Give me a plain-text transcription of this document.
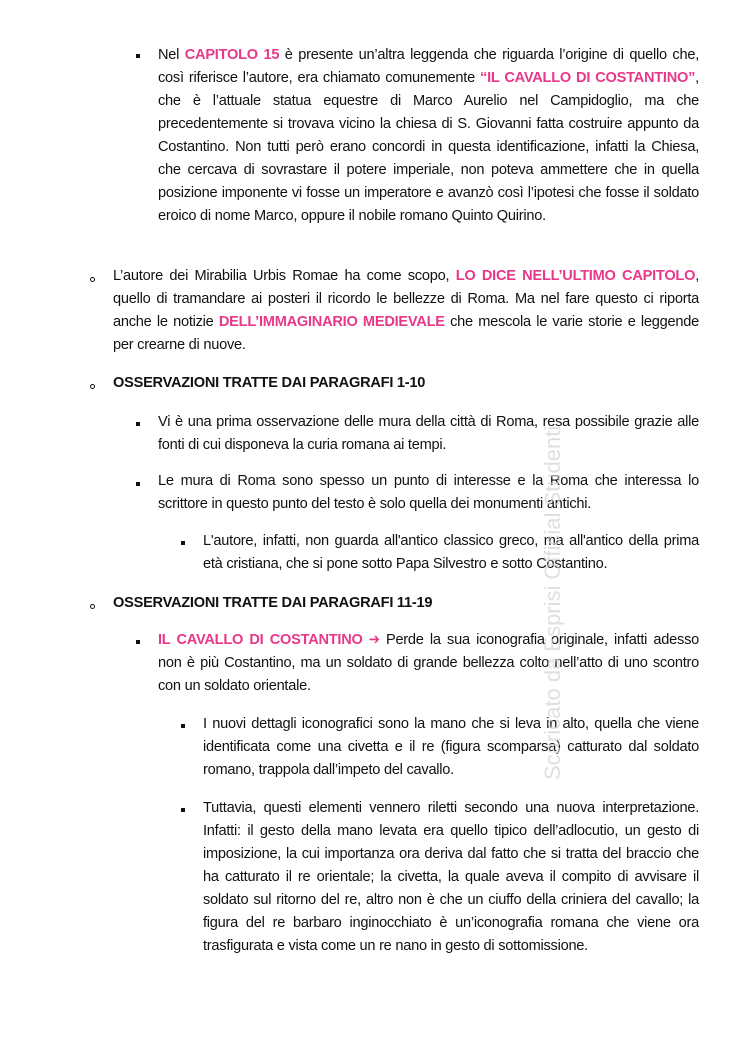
Nel CAPITOLO 15 è presente un’altra leggenda che riguarda l’origine di quello che, così riferisce l’autore, era chiamato comunemente “IL CAVALLO DI COSTANTINO”, che è l’attuale statua equestre di Marco Aurelio nel Campidoglio, ma che precedentemente si trovava vicino la chiesa di S. Giovanni fatta costruire appunto da Costantino. Non tutti però erano concordi in questa identificazione, infatti la Chiesa, che cercava di sovrastare il potere imperiale, non poteva ammettere che in quella posizione imponente vi fosse un imperatore e avanzò così l’ipotesi che fosse il soldato eroico di nome Marco, oppure il nobile romano Quinto Quirino.
L’autore dei Mirabilia Urbis Romae ha come scopo, LO DICE NELL’ULTIMO CAPITOLO, quello di tramandare ai posteri il ricordo le bellezze di Roma. Ma nel fare questo ci riporta anche le notizie DELL’IMMAGINARIO MEDIEVALE che mescola le varie storie e leggende per crearne di nuove.
OSSERVAZIONI TRATTE DAI PARAGRAFI 1-10
Vi è una prima osservazione delle mura della città di Roma, resa possibile grazie alle fonti di cui disponeva la curia romana ai tempi.
Le mura di Roma sono spesso un punto di interesse e la Roma che interessa lo scrittore in questo punto del testo è solo quella dei monumenti antichi.
L'autore, infatti, non guarda all'antico classico greco, ma all'antico della prima età cristiana, che si pone sotto Papa Silvestro e sotto Costantino.
OSSERVAZIONI TRATTE DAI PARAGRAFI 11-19
IL CAVALLO DI COSTANTINO ➔ Perde la sua iconografia originale, infatti adesso non è più Costantino, ma un soldato di grande bellezza colto nell’atto di uno scontro con un soldato orientale.
I nuovi dettagli iconografici sono la mano che si leva in alto, quella che viene identificata come una civetta e il re (figura scomparsa) catturato dal soldato romano, trappola dall’impeto del cavallo.
Tuttavia, questi elementi vennero riletti secondo una nuova interpretazione. Infatti: il gesto della mano levata era quello tipico dell’adlocutio, un gesto di imposizione, la cui importanza ora deriva dal fatto che si tratta del braccio che ha catturato il re orientale; la civetta, la quale aveva il compito di avvisare il soldato sul ritorno del re, altro non è che un ciuffo della criniera del cavallo; la figura del re barbaro inginocchiato è un’iconografia romana che viene ora trasfigurata e vista come un re nano in gesto di sottomissione.
Scaricato da Esprisi Official Studenti
